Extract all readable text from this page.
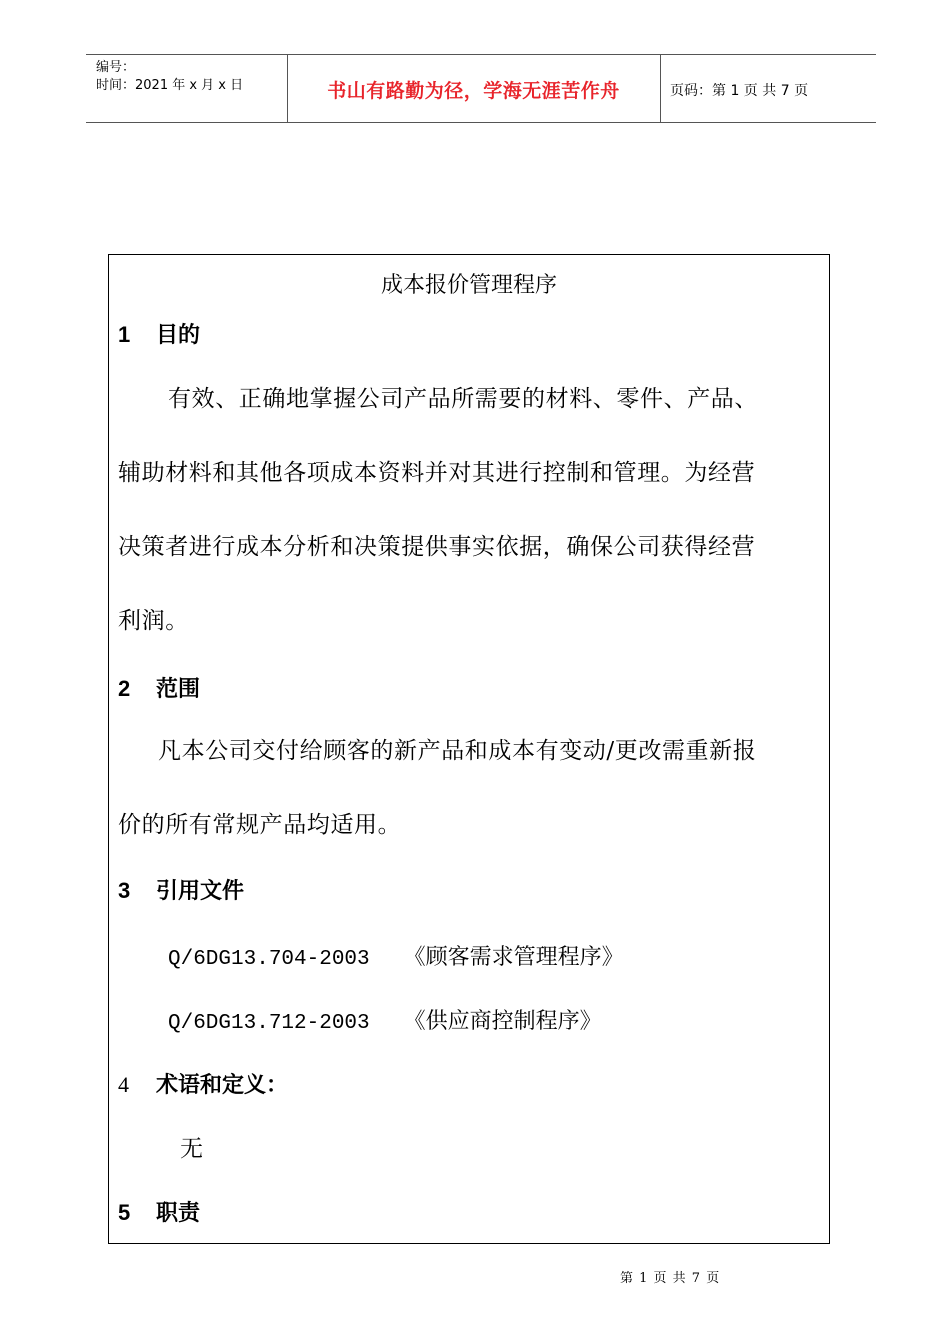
编号：
时间：2021 年 x 月 x 日	书山有路勤为径，学海无涯苦作舟	页码：第 1 页 共 7 页
成本报价管理程序
1 目的
有效、正确地掌握公司产品所需要的材料、零件、产品、
辅助材料和其他各项成本资料并对其进行控制和管理。为经营
决策者进行成本分析和决策提供事实依据，确保公司获得经营
利润。
2 范围
凡本公司交付给顾客的新产品和成本有变动/更改需重新报
价的所有常规产品均适用。
3 引用文件
Q/6DG13.704-2003 《顾客需求管理程序》
Q/6DG13.712-2003 《供应商控制程序》
4 术语和定义：
无
5 职责
第 1 页 共 7 页
